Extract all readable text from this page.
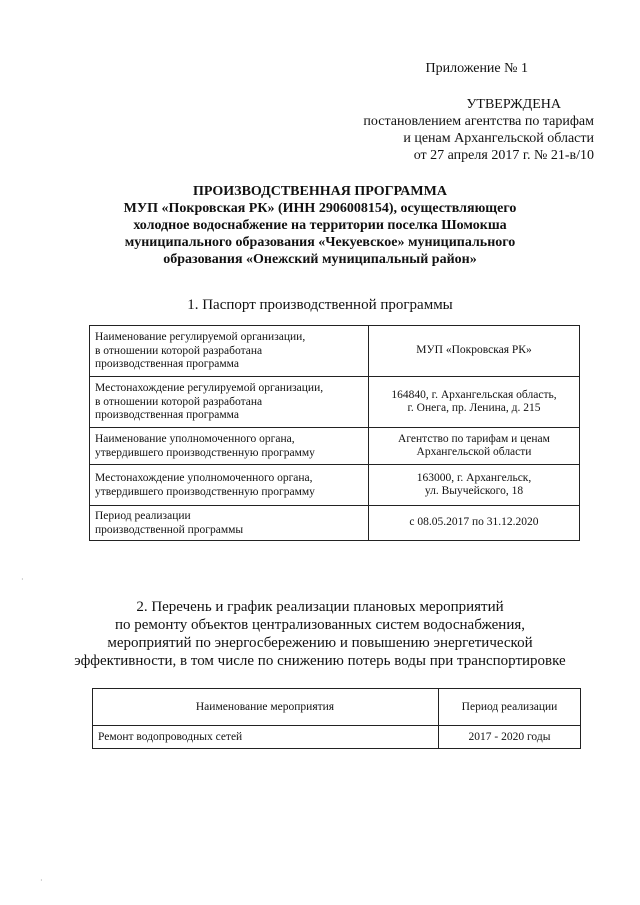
Приложение № 1
УТВЕРЖДЕНА
постановлением агентства по тарифам
и ценам Архангельской области
от 27 апреля 2017 г. № 21-в/10
ПРОИЗВОДСТВЕННАЯ ПРОГРАММА
МУП «Покровская РК» (ИНН 2906008154), осуществляющего
холодное водоснабжение на территории поселка Шомокша
муниципального образования «Чекуевское» муниципального
образования «Онежский муниципальный район»
1. Паспорт производственной программы
Наименование регулируемой организации,
в отношении которой разработана
производственная программа	МУП «Покровская РК»

Местонахождение регулируемой организации,
в отношении которой разработана
производственная программа	164840, г. Архангельская область,
г. Онега, пр. Ленина, д. 215

Наименование уполномоченного органа,
утвердившего производственную программу	Агентство по тарифам и ценам
Архангельской области

Местонахождение уполномоченного органа,
утвердившего производственную программу	163000, г. Архангельск,
ул. Выучейского, 18

Период реализации
производственной программы	с 08.05.2017 по 31.12.2020
2. Перечень и график реализации плановых мероприятий
по ремонту объектов централизованных систем водоснабжения,
мероприятий по энергосбережению и повышению энергетической
эффективности, в том числе по снижению потерь воды при транспортировке
Наименование мероприятия	Период реализации
Ремонт водопроводных сетей	2017 - 2020 годы
·
·
